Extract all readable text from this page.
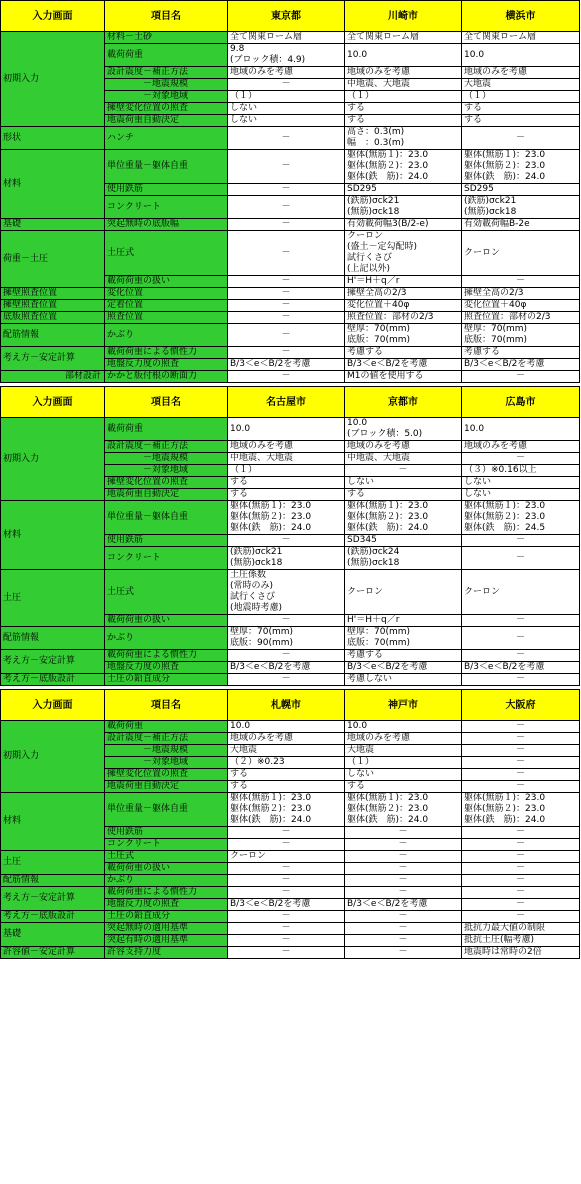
入力画面	項目名	東京都	川崎市	横浜市
初期入力	材料－土砂	全て関東ローム層	全て関東ローム層	全て関東ローム層
	載荷荷重	9.8
(ブロック積：4.9)	10.0	10.0
	設計震度－補正方法	地域のみを考慮	地域のみを考慮	地域のみを考慮
	　　　　－地震規模	－	中地震、大地震	大地震
	　　　　－対象地域	（１）	（１）	（１）
	擁壁変化位置の照査	しない	する	する
	地震荷重自動決定	しない	する	する
形状	ハンチ	－	高さ：0.3(m)
幅　：0.3(m)	－
材料	単位重量－躯体自重	－	躯体(無筋１)：23.0
躯体(無筋２)：23.0
躯体(鉄　筋)：24.0	躯体(無筋１)：23.0
躯体(無筋２)：23.0
躯体(鉄　筋)：24.0
	使用鉄筋	－	SD295	SD295
	コンクリート	－	(鉄筋)σck21
(無筋)σck18	(鉄筋)σck21
(無筋)σck18
基礎	突起無時の底版幅	－	有効載荷幅3(B/2-e)	有効載荷幅B-2e
荷重－土圧	土圧式	－	クーロン
(盛土－定勾配時)
試行くさび
(上記以外)	クーロン
	載荷荷重の扱い	－	H'＝H＋q／r	－
擁壁照査位置	変化位置	－	擁壁全高の2/3	擁壁全高の2/3
擁壁照査位置	定着位置	－	変化位置＋40φ	変化位置＋40φ
底版照査位置	照査位置	－	照査位置：部材の2/3	照査位置：部材の2/3
配筋情報	かぶり	－	壁厚：70(mm)
底版：70(mm)	壁厚：70(mm)
底版：70(mm)
考え方－安定計算	載荷荷重による慣性力	－	考慮する	考慮する
	地盤反力度の照査	B/3＜e＜B/2を考慮	B/3＜e＜B/2を考慮	B/3＜e＜B/2を考慮
部材設計	かかと版付根の断面力	－	M1の値を使用する	－

入力画面	項目名	名古屋市	京都市	広島市
初期入力	載荷荷重	10.0	10.0
(ブロック積：5.0)	10.0
	設計震度－補正方法	地域のみを考慮	地域のみを考慮	地域のみを考慮
	　　　　－地震規模	中地震、大地震	中地震、大地震	－
	　　　　－対象地域	（１）	－	（３）※0.16以上
	擁壁変化位置の照査	する	しない	しない
	地震荷重自動決定	する	する	しない
材料	単位重量－躯体自重	躯体(無筋１)：23.0
躯体(無筋２)：23.0
躯体(鉄　筋)：24.0	躯体(無筋１)：23.0
躯体(無筋２)：23.0
躯体(鉄　筋)：24.0	躯体(無筋１)：23.0
躯体(無筋２)：23.0
躯体(鉄　筋)：24.5
	使用鉄筋	－	SD345	－
	コンクリート	(鉄筋)σck21
(無筋)σck18	(鉄筋)σck24
(無筋)σck18	－
土圧	土圧式	土圧係数
(常時のみ)
試行くさび
(地震時考慮)	クーロン	クーロン
	載荷荷重の扱い	－	H'＝H＋q／r	－
配筋情報	かぶり	壁厚：70(mm)
底版：90(mm)	壁厚：70(mm)
底版：70(mm)	－
考え方－安定計算	載荷荷重による慣性力	－	考慮する	－
	地盤反力度の照査	B/3＜e＜B/2を考慮	B/3＜e＜B/2を考慮	B/3＜e＜B/2を考慮
考え方－底版設計	土圧の鉛直成分	－	考慮しない	－

入力画面	項目名	札幌市	神戸市	大阪府
初期入力	載荷荷重	10.0	10.0	－
	設計震度－補正方法	地域のみを考慮	地域のみを考慮	－
	　　　　－地震規模	大地震	大地震	－
	　　　　－対象地域	（２）※0.23	（１）	－
	擁壁変化位置の照査	する	しない	－
	地震荷重自動決定	する	する	－
材料	単位重量－躯体自重	躯体(無筋１)：23.0
躯体(無筋２)：23.0
躯体(鉄　筋)：24.0	躯体(無筋１)：23.0
躯体(無筋２)：23.0
躯体(鉄　筋)：24.0	躯体(無筋１)：23.0
躯体(無筋２)：23.0
躯体(鉄　筋)：24.0
	使用鉄筋	－	－	－
	コンクリート	－	－	－
土圧	土圧式	クーロン	－	－
	載荷荷重の扱い	－	－	－
配筋情報	かぶり	－	－	－
考え方－安定計算	載荷荷重による慣性力	－	－	－
	地盤反力度の照査	B/3＜e＜B/2を考慮	B/3＜e＜B/2を考慮	－
考え方－底版設計	土圧の鉛直成分	－	－	－
基礎	突起無時の適用基準	－	－	抵抗力最大値の制限
	突起有時の適用基準	－	－	抵抗土圧(幅考慮)
許容値－安定計算	許容支持力度	－	－	地震時は常時の2倍
